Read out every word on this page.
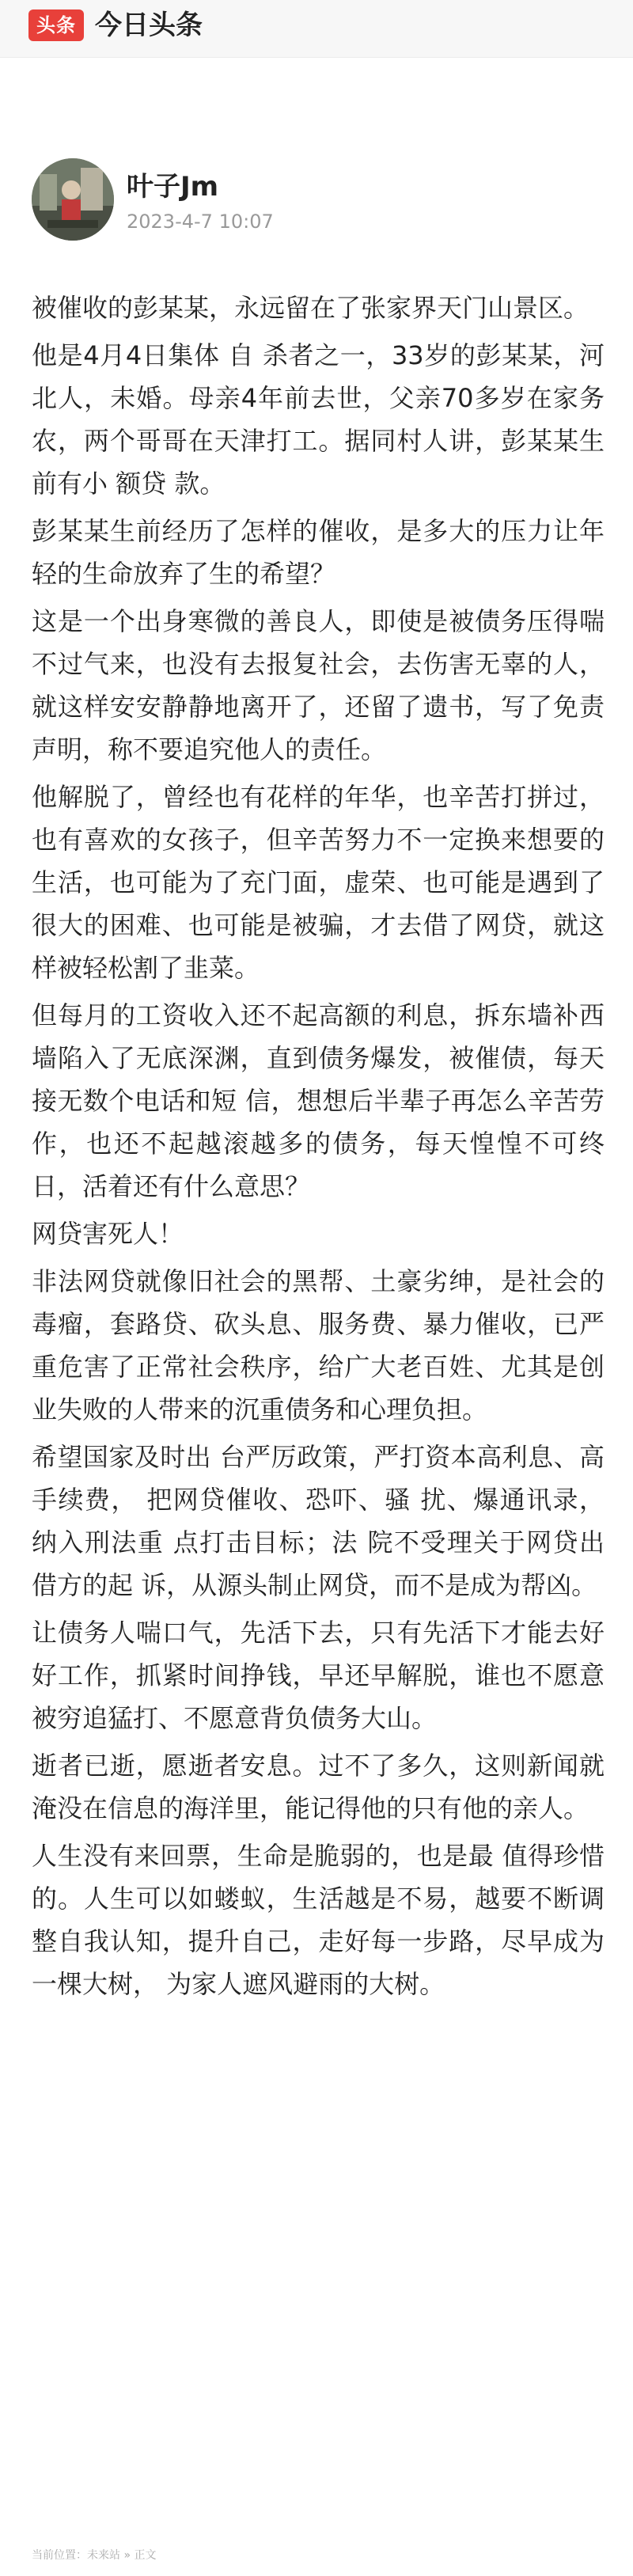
头条 今日头条
叶子Jm
2023-4-7 10:07

被催收的彭某某，永远留在了张家界天门山景区。

他是4月4日集体 自 杀者之一，33岁的彭某某，河北人，未婚。母亲4年前去世，父亲70多岁在家务农，两个哥哥在天津打工。据同村人讲，彭某某生前有小 额贷 款。

彭某某生前经历了怎样的催收，是多大的压力让年轻的生命放弃了生的希望？

这是一个出身寒微的善良人，即使是被债务压得喘不过气来，也没有去报复社会，去伤害无辜的人，就这样安安静静地离开了，还留了遗书，写了免责声明，称不要追究他人的责任。

他解脱了，曾经也有花样的年华，也辛苦打拼过，也有喜欢的女孩子，但辛苦努力不一定换来想要的生活，也可能为了充门面，虚荣、也可能是遇到了很大的困难、也可能是被骗，才去借了网贷，就这样被轻松割了韭菜。

但每月的工资收入还不起高额的利息，拆东墙补西墙陷入了无底深渊，直到债务爆发，被催债，每天接无数个电话和短 信，想想后半辈子再怎么辛苦劳作，也还不起越滚越多的债务，每天惶惶不可终日，活着还有什么意思？

网贷害死人！

非法网贷就像旧社会的黑帮、土豪劣绅，是社会的毒瘤，套路贷、砍头息、服务费、暴力催收，已严重危害了正常社会秩序，给广大老百姓、尤其是创业失败的人带来的沉重债务和心理负担。

希望国家及时出 台严厉政策，严打资本高利息、高手续费， 把网贷催收、恐吓、骚 扰、爆通讯录，纳入刑法重 点打击目标；法 院不受理关于网贷出借方的起 诉，从源头制止网贷，而不是成为帮凶。

让债务人喘口气，先活下去，只有先活下才能去好好工作，抓紧时间挣钱，早还早解脱，谁也不愿意被穷追猛打、不愿意背负债务大山。

逝者已逝，愿逝者安息。过不了多久，这则新闻就淹没在信息的海洋里，能记得他的只有他的亲人。

人生没有来回票，生命是脆弱的，也是最 值得珍惜的。人生可以如蝼蚁，生活越是不易，越要不断调整自我认知，提升自己，走好每一步路，尽早成为一棵大树， 为家人遮风避雨的大树。

当前位置：未来站 » 正文
